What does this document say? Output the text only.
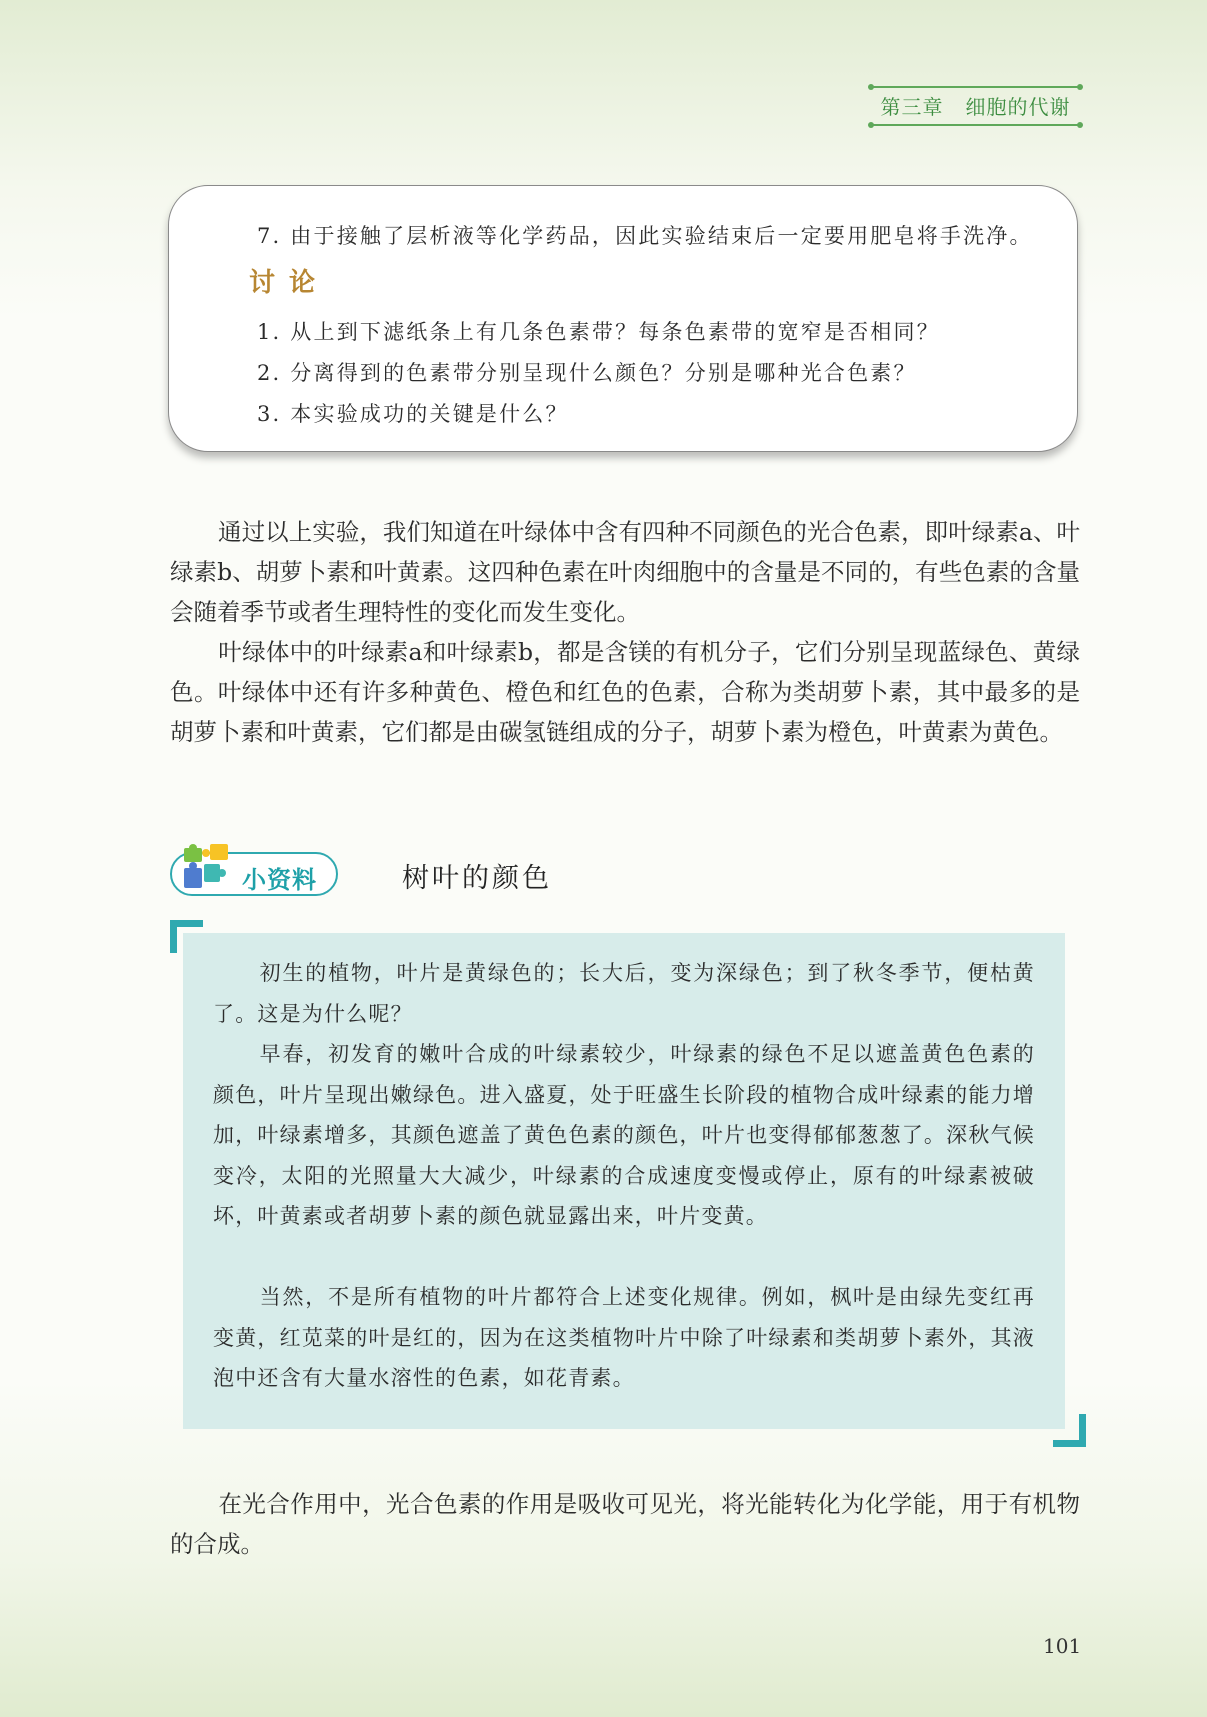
第三章 细胞的代谢
7. 由于接触了层析液等化学药品，因此实验结束后一定要用肥皂将手洗净。
讨论
1. 从上到下滤纸条上有几条色素带？每条色素带的宽窄是否相同？
2. 分离得到的色素带分别呈现什么颜色？分别是哪种光合色素？
3. 本实验成功的关键是什么？

通过以上实验，我们知道在叶绿体中含有四种不同颜色的光合色素，即叶绿素a、叶绿素b、胡萝卜素和叶黄素。这四种色素在叶肉细胞中的含量是不同的，有些色素的含量会随着季节或者生理特性的变化而发生变化。

叶绿体中的叶绿素a和叶绿素b，都是含镁的有机分子，它们分别呈现蓝绿色、黄绿色。叶绿体中还有许多种黄色、橙色和红色的色素，合称为类胡萝卜素，其中最多的是胡萝卜素和叶黄素，它们都是由碳氢链组成的分子，胡萝卜素为橙色，叶黄素为黄色。

小资料	树叶的颜色

初生的植物，叶片是黄绿色的；长大后，变为深绿色；到了秋冬季节，便枯黄了。这是为什么呢？

早春，初发育的嫩叶合成的叶绿素较少，叶绿素的绿色不足以遮盖黄色色素的颜色，叶片呈现出嫩绿色。进入盛夏，处于旺盛生长阶段的植物合成叶绿素的能力增加，叶绿素增多，其颜色遮盖了黄色色素的颜色，叶片也变得郁郁葱葱了。深秋气候变冷，太阳的光照量大大减少，叶绿素的合成速度变慢或停止，原有的叶绿素被破坏，叶黄素或者胡萝卜素的颜色就显露出来，叶片变黄。

当然，不是所有植物的叶片都符合上述变化规律。例如，枫叶是由绿先变红再变黄，红苋菜的叶是红的，因为在这类植物叶片中除了叶绿素和类胡萝卜素外，其液泡中还含有大量水溶性的色素，如花青素。

在光合作用中，光合色素的作用是吸收可见光，将光能转化为化学能，用于有机物的合成。

101
